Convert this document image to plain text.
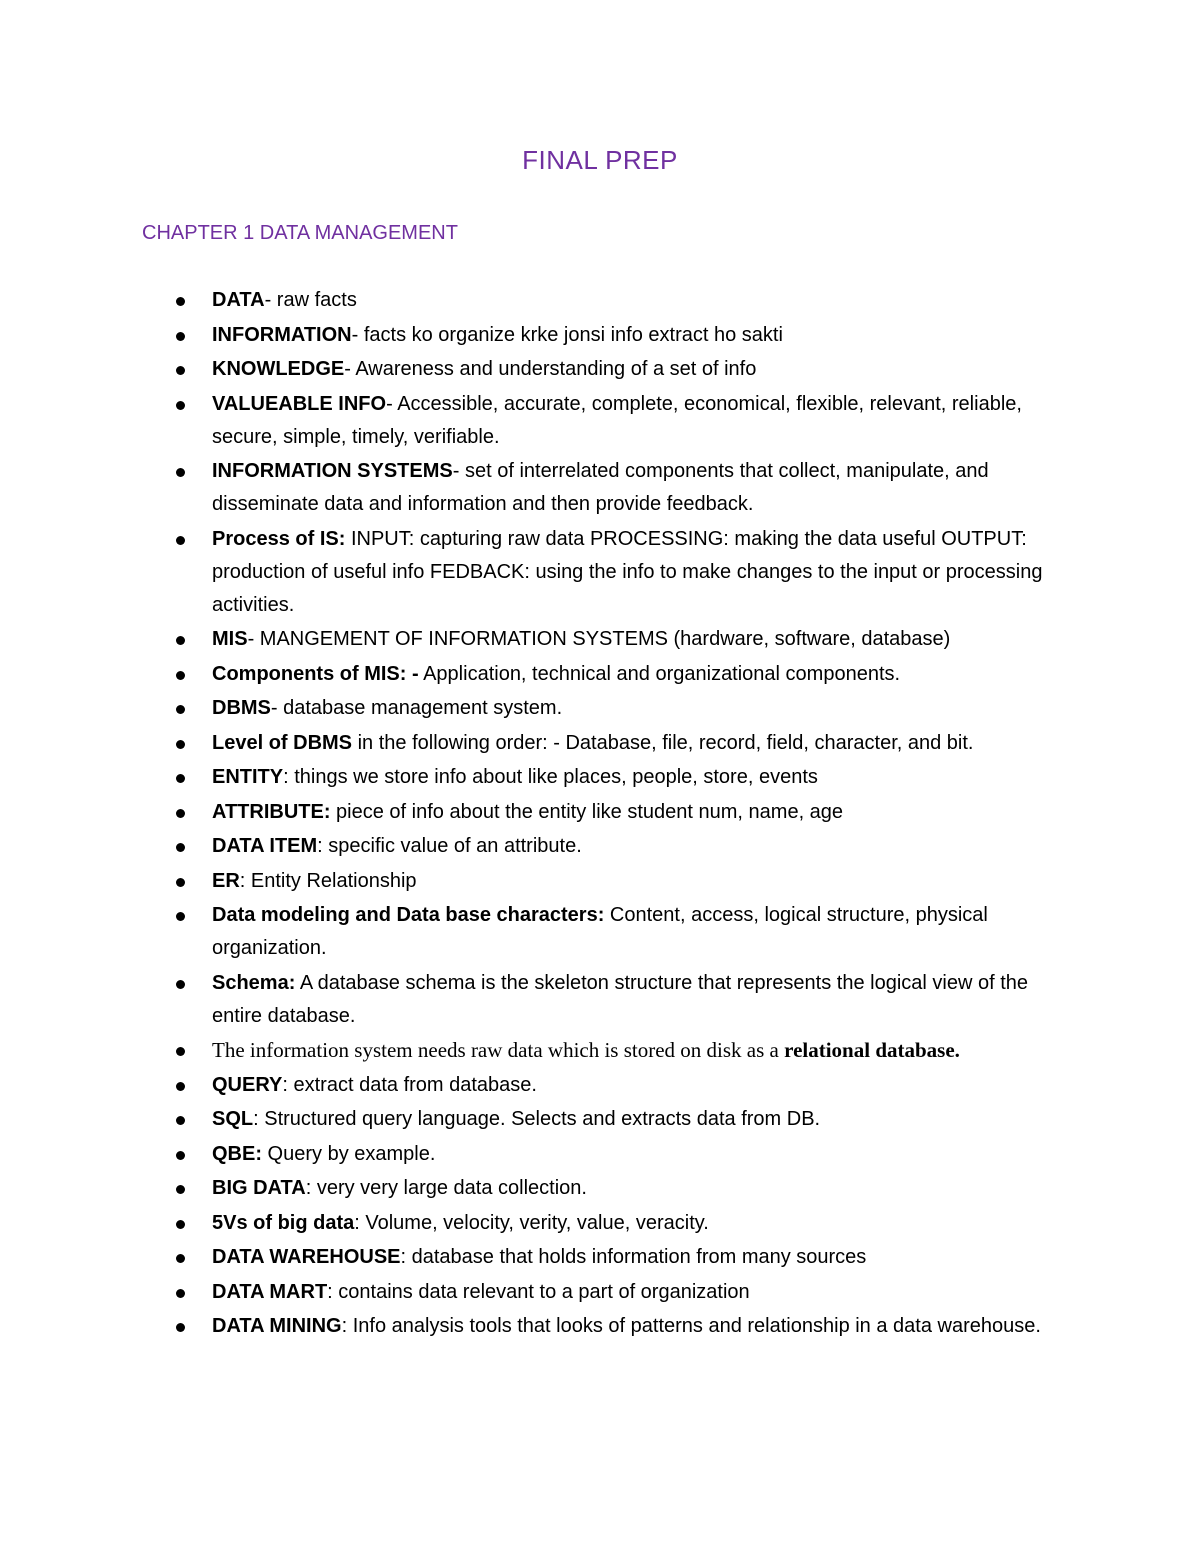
FINAL PREP
CHAPTER 1 DATA MANAGEMENT
DATA- raw facts
INFORMATION- facts ko organize krke jonsi info extract ho sakti
KNOWLEDGE- Awareness and understanding of a set of info
VALUEABLE INFO- Accessible, accurate, complete, economical, flexible, relevant, reliable, secure, simple, timely, verifiable.
INFORMATION SYSTEMS- set of interrelated components that collect, manipulate, and disseminate data and information and then provide feedback.
Process of IS: INPUT: capturing raw data PROCESSING: making the data useful OUTPUT: production of useful info FEDBACK: using the info to make changes to the input or processing activities.
MIS- MANGEMENT OF INFORMATION SYSTEMS (hardware, software, database)
Components of MIS: - Application, technical and organizational components.
DBMS- database management system.
Level of DBMS in the following order: - Database, file, record, field, character, and bit.
ENTITY: things we store info about like places, people, store, events
ATTRIBUTE: piece of info about the entity like student num, name, age
DATA ITEM: specific value of an attribute.
ER: Entity Relationship
Data modeling and Data base characters: Content, access, logical structure, physical organization.
Schema: A database schema is the skeleton structure that represents the logical view of the entire database.
The information system needs raw data which is stored on disk as a relational database.
QUERY: extract data from database.
SQL: Structured query language. Selects and extracts data from DB.
QBE: Query by example.
BIG DATA: very very large data collection.
5Vs of big data: Volume, velocity, verity, value, veracity.
DATA WAREHOUSE: database that holds information from many sources
DATA MART: contains data relevant to a part of organization
DATA MINING: Info analysis tools that looks of patterns and relationship in a data warehouse.
